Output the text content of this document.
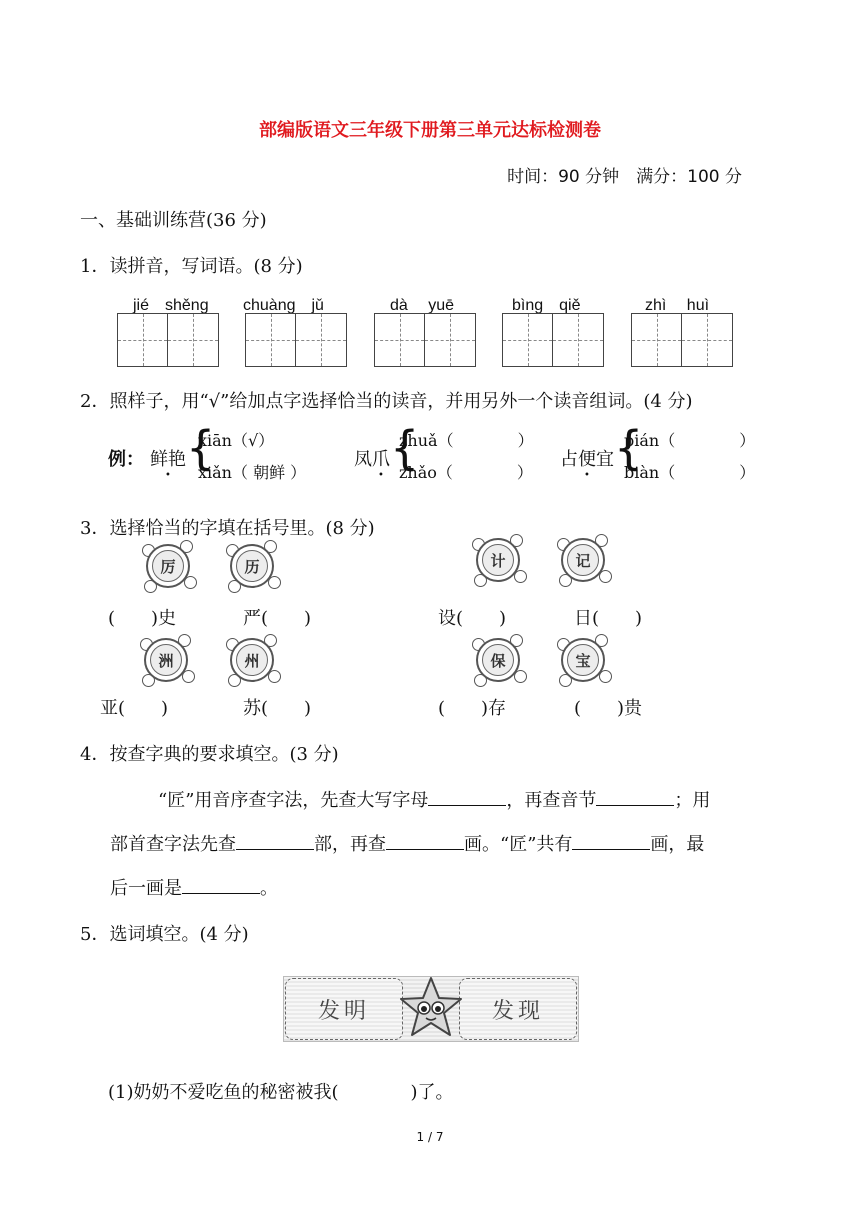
部编版语文三年级下册第三单元达标检测卷
时间：90 分钟　满分：100 分
一、基础训练营(36 分)
1．读拼音，写词语。(8 分)
jié　shěng chuàng　jǔ	dà　 yuē	bìng　qiě	zhì　 huì
2．照样子，用“√”给加点字选择恰当的读音，并用另外一个读音组词。(4 分)
例： 鲜艳
•
{
xiān（√）
xiǎn（ 朝鲜 ）
凤爪
•
{
zhuǎ（　　　　）
zhǎo（　　　　）
占便宜
•
{
pián（　　　　）
biàn（　　　　）
3．选择恰当的字填在括号里。(8 分)
厉	历	计	记
(　　)史	严(　　)	设(　　)	日(　　)
洲	州	保	宝
亚(　　)	苏(　　)	(　　)存	(　　)贵
4．按查字典的要求填空。(3 分)
“匠”用音序查字法，先查大写字母	，再查音节	；用
部首查字法先查	部，再查	画。“匠”共有	画，最
后一画是	。
5．选词填空。(4 分)
发明	发现
(1)奶奶不爱吃鱼的秘密被我(　　　　)了。
1 / 7
